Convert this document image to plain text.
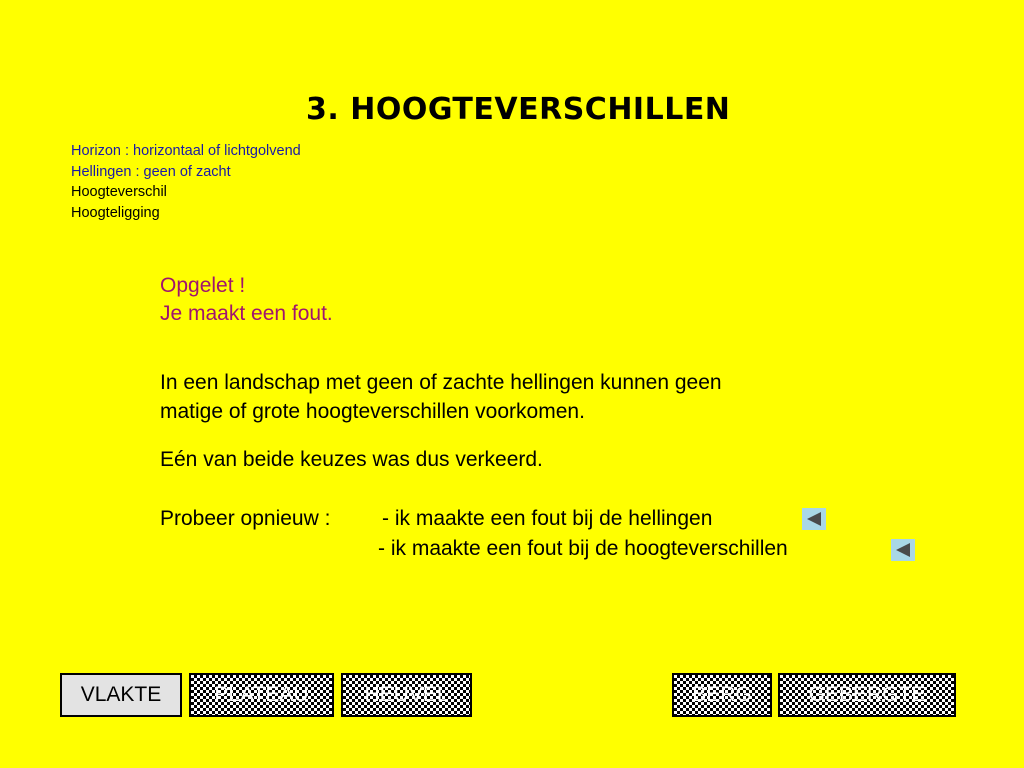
3. HOOGTEVERSCHILLEN
Horizon : horizontaal of lichtgolvend
Hellingen : geen of zacht
Hoogteverschil
Hoogteligging
Opgelet !
Je maakt een fout.
In een landschap met geen of zachte hellingen kunnen geen
matige of grote hoogteverschillen voorkomen.
Eén van beide keuzes was dus verkeerd.
Probeer opnieuw : - ik maakte een fout bij de hellingen
- ik maakte een fout bij de hoogteverschillen
VLAKTE	PLATEAU	HEUVEL	BERG	GEBERGTE
